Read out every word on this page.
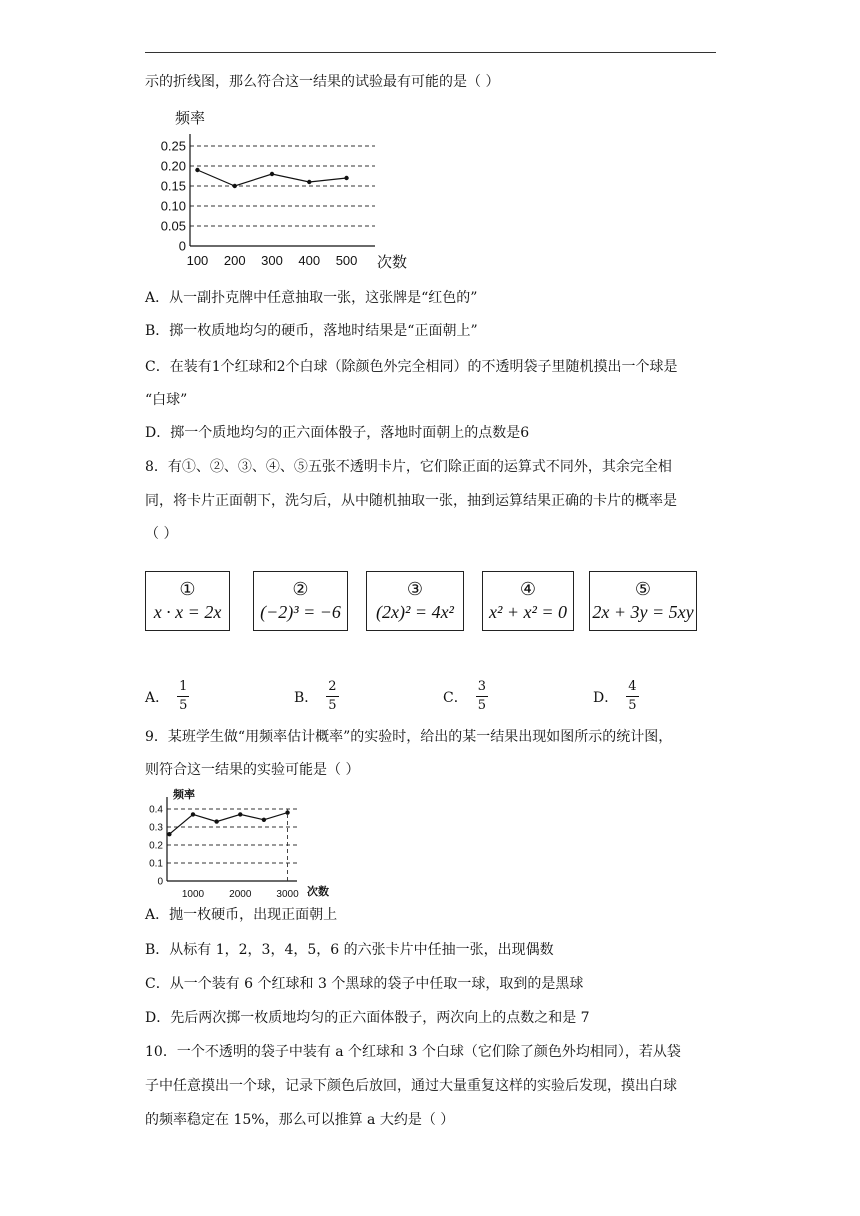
示的折线图，那么符合这一结果的试验最有可能的是（ ）
频率
次数
0
0.05
0.10
0.15
0.20
0.25
100 200 300 400 500
A．从一副扑克牌中任意抽取一张，这张牌是“红色的”
B．掷一枚质地均匀的硬币，落地时结果是“正面朝上”
C．在装有1个红球和2个白球（除颜色外完全相同）的不透明袋子里随机摸出一个球是
“白球”
D．掷一个质地均匀的正六面体骰子，落地时面朝上的点数是6
8．有①、②、③、④、⑤五张不透明卡片，它们除正面的运算式不同外，其余完全相
同，将卡片正面朝下，洗匀后，从中随机抽取一张，抽到运算结果正确的卡片的概率是
（ ）
①
x · x = 2x
②
(−2)³ = −6
③
(2x)² = 4x²
④
x² + x² = 0
⑤
2x + 3y = 5xy
A． $\frac{1}{5}$	B． $\frac{2}{5}$	C． $\frac{3}{5}$	D． $\frac{4}{5}$
9．某班学生做“用频率估计概率”的实验时，给出的某一结果出现如图所示的统计图，
则符合这一结果的实验可能是（ ）
频率
次数
0
0.1
0.2
0.3
0.4
1000	2000	3000
A．抛一枚硬币，出现正面朝上
B．从标有 1，2，3，4，5，6 的六张卡片中任抽一张，出现偶数
C．从一个装有 6 个红球和 3 个黑球的袋子中任取一球，取到的是黑球
D．先后两次掷一枚质地均匀的正六面体骰子，两次向上的点数之和是 7
10．一个不透明的袋子中装有 a 个红球和 3 个白球（它们除了颜色外均相同），若从袋
子中任意摸出一个球，记录下颜色后放回，通过大量重复这样的实验后发现，摸出白球
的频率稳定在 15%，那么可以推算 a 大约是（ ）
